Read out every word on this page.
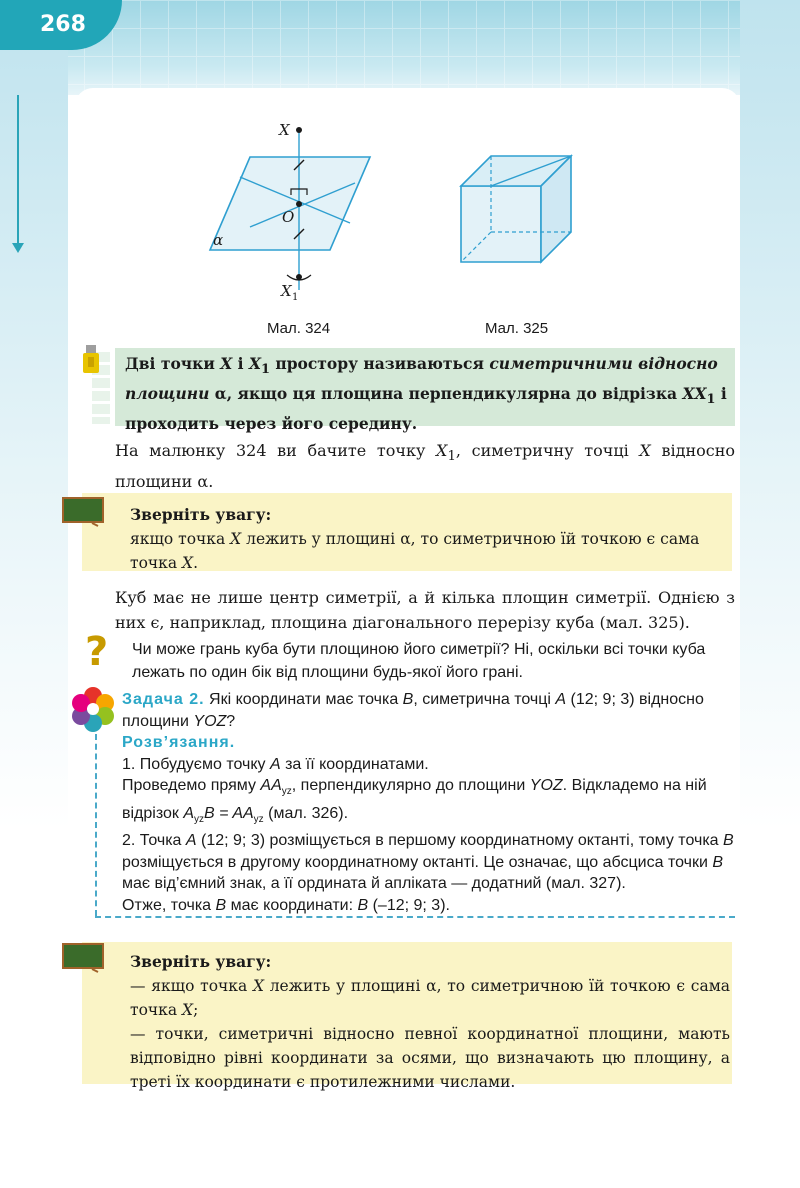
268
X
O
X 1
α
Мал. 324	Мал. 325
Дві точки X і $X_1$ простору називаються симетричними відносно площини α, якщо ця площина перпендикулярна до відрізка $XX_1$ і проходить через його середину.
На малюнку 324 ви бачите точку $X_1$, симетричну точці X відносно площини α.
Зверніть увагу:
якщо точка X лежить у площині α, то симетричною їй точкою є сама точка X.
Куб має не лише центр симетрії, а й кілька площин симетрії. Однією з них є, наприклад, площина діагонального перерізу куба (мал. 325).
? Чи може грань куба бути площиною його симетрії? Ні, оскільки всі точки куба лежать по один бік від площини будь-якої його грані.
Задача 2. Які координати має точка B, симетрична точці A (12; 9; 3) відносно площини YOZ?
Розв’язання.
1. Побудуємо точку A за її координатами.
Проведемо пряму $AA_{yz}$, перпендикулярно до площини YOZ. Відкладемо на ній відрізок $A_{yz}B = AA_{yz}$ (мал. 326).
2. Точка A (12; 9; 3) розміщується в першому координатному октанті, тому точка B розміщується в другому координатному октанті. Це означає, що абсциса точки B має від’ємний знак, а її ордината й апліката — додатний (мал. 327).
Отже, точка B має координати: B (–12; 9; 3).
Зверніть увагу:
— якщо точка X лежить у площині α, то симетричною їй точкою є сама точка X;
— точки, симетричні відносно певної координатної площини, мають відповідно рівні координати за осями, що визначають цю площину, а треті їх координати є протилежними числами.
